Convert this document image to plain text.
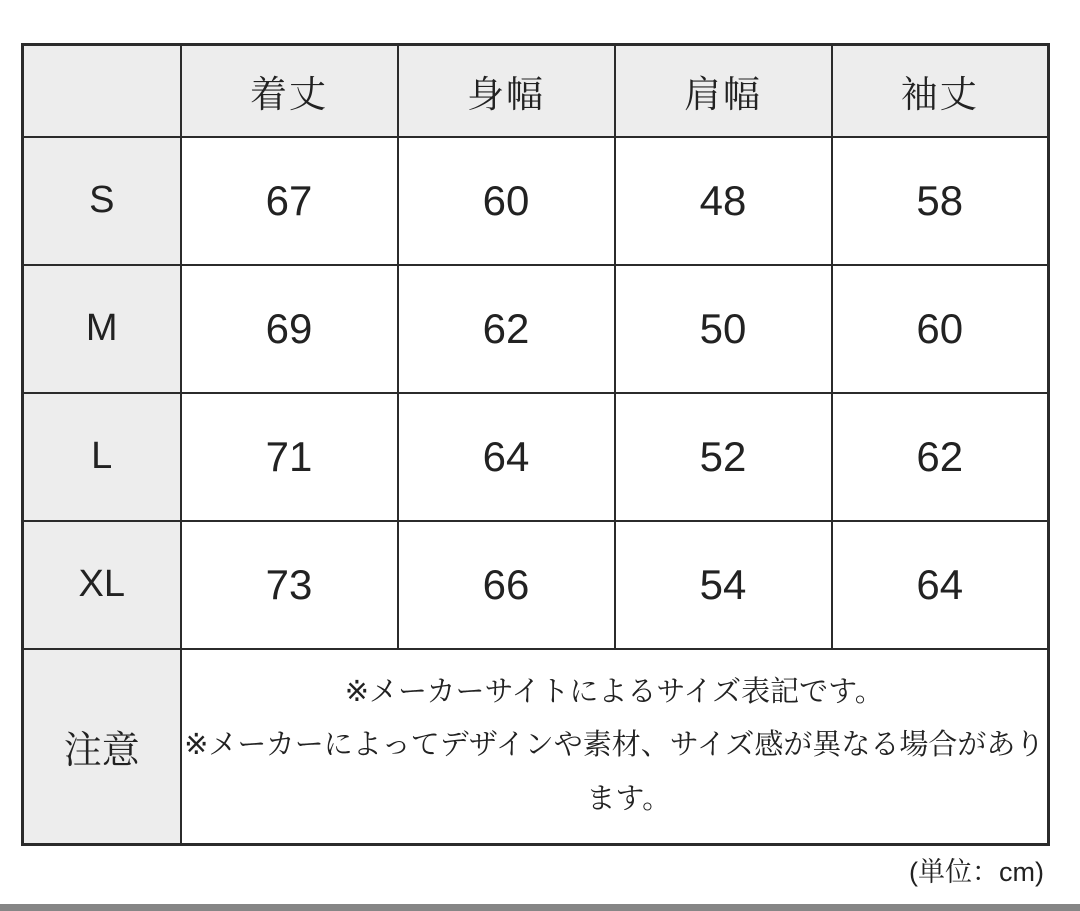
	着丈	身幅	肩幅	袖丈
S	67	60	48	58
M	69	62	50	60
L	71	64	52	62
XL	73	66	54	64
注意	※メーカーサイトによるサイズ表記です。
※メーカーによってデザインや素材、サイズ感が異なる場合があります。			
(単位：cm)
